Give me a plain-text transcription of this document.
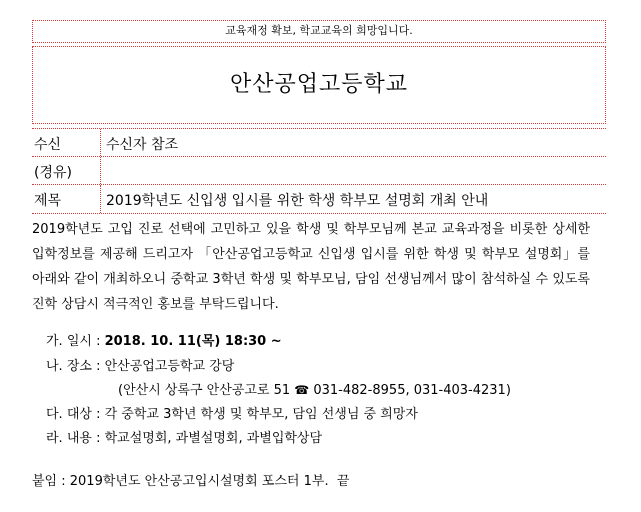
교육재정 확보, 학교교육의 희망입니다.
안산공업고등학교
수신	수신자 참조
(경유)
제목	2019학년도 신입생 입시를 위한 학생 학부모 설명회 개최 안내
2019학년도 고입 진로 선택에 고민하고 있을 학생 및 학부모님께 본교 교육과정을 비롯한 상세한 입학정보를 제공해 드리고자 「안산공업고등학교 신입생 입시를 위한 학생 및 학부모 설명회」를 아래와 같이 개최하오니 중학교 3학년 학생 및 학부모님, 담임 선생님께서 많이 참석하실 수 있도록 진학 상담시 적극적인 홍보를 부탁드립니다.
가. 일시 : 2018. 10. 11(목) 18:30 ~
나. 장소 : 안산공업고등학교 강당
(안산시 상록구 안산공고로 51 ☎ 031-482-8955, 031-403-4231)
다. 대상 : 각 중학교 3학년 학생 및 학부모, 담임 선생님 중 희망자
라. 내용 : 학교설명회, 과별설명회, 과별입학상담
붙임 : 2019학년도 안산공고입시설명회 포스터 1부.  끝
